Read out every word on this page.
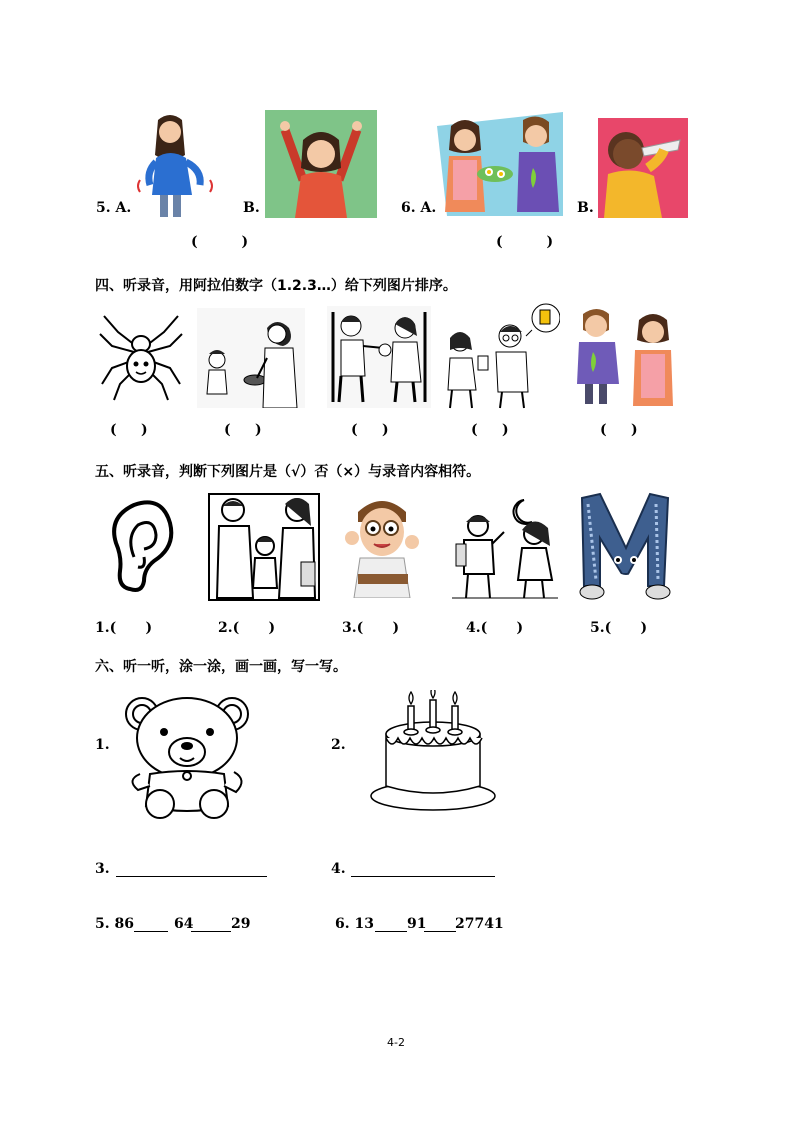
5. A.	B.	6. A.	B.
(         )	(         )
四、听录音，用阿拉伯数字（1.2.3…）给下列图片排序。
(     )	(     )	(     )	(     )	(     )
五、听录音，判断下列图片是（√）否（×）与录音内容相符。
1.(      )	2.(      )	3.(      )	4.(      )	5.(      )
六、听一听，涂一涂，画一画，写一写。
1.	2.
3.	4.
5. 86	64	29	6. 13 91 27741
4-2
